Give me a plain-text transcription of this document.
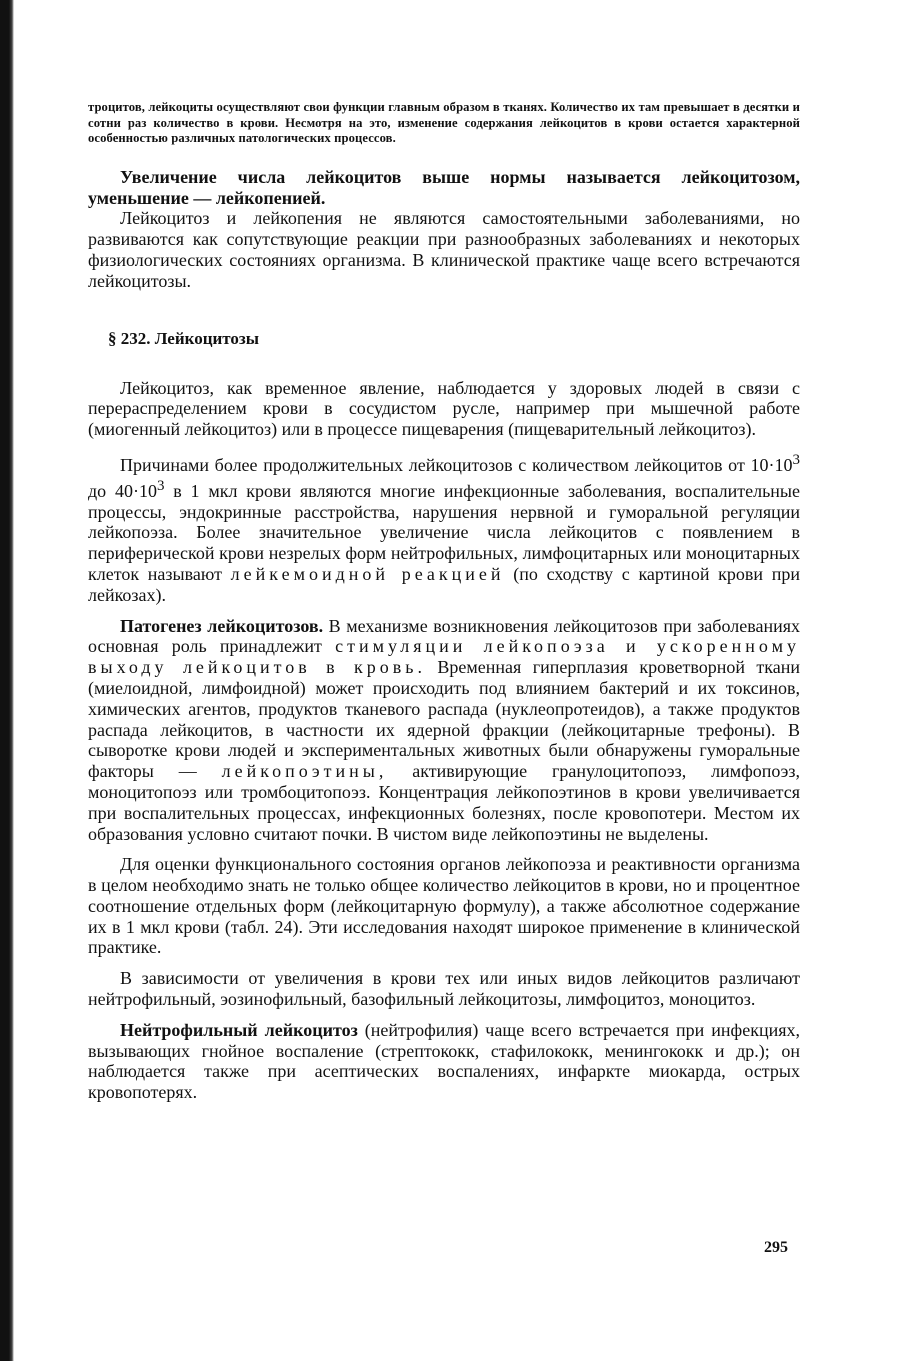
троцитов, лейкоциты осуществляют свои функции главным образом в тканях. Количество их там превышает в десятки и сотни раз количество в крови. Несмотря на это, изменение содержания лейкоцитов в крови остается характерной особенностью различных патологических процессов.

Увеличение числа лейкоцитов выше нормы называется лейкоцитозом, уменьшение — лейкопенией.

Лейкоцитоз и лейкопения не являются самостоятельными заболеваниями, но развиваются как сопутствующие реакции при разнообразных заболеваниях и некоторых физиологических состояниях организма. В клинической практике чаще всего встречаются лейкоцитозы.

§ 232. Лейкоцитозы

Лейкоцитоз, как временное явление, наблюдается у здоровых людей в связи с перераспределением крови в сосудистом русле, например при мышечной работе (миогенный лейкоцитоз) или в процессе пищеварения (пищеварительный лейкоцитоз).

Причинами более продолжительных лейкоцитозов с количеством лейкоцитов от $10\cdot 10^3$ до $40\cdot 10^3$ в 1 мкл крови являются многие инфекционные заболевания, воспалительные процессы, эндокринные расстройства, нарушения нервной и гуморальной регуляции лейкопоэза. Более значительное увеличение числа лейкоцитов с появлением в периферической крови незрелых форм нейтрофильных, лимфоцитарных или моноцитарных клеток называют лейкемоидной реакцией (по сходству с картиной крови при лейкозах).

Патогенез лейкоцитозов. В механизме возникновения лейкоцитозов при заболеваниях основная роль принадлежит стимуляции лейкопоэза и ускоренному выходу лейкоцитов в кровь. Временная гиперплазия кроветворной ткани (миелоидной, лимфоидной) может происходить под влиянием бактерий и их токсинов, химических агентов, продуктов тканевого распада (нуклеопротеидов), а также продуктов распада лейкоцитов, в частности их ядерной фракции (лейкоцитарные трефоны). В сыворотке крови людей и экспериментальных животных были обнаружены гуморальные факторы — лейкопоэтины, активирующие гранулоцитопоэз, лимфопоэз, моноцитопоэз или тромбоцитопоэз. Концентрация лейкопоэтинов в крови увеличивается при воспалительных процессах, инфекционных болезнях, после кровопотери. Местом их образования условно считают почки. В чистом виде лейкопоэтины не выделены.

Для оценки функционального состояния органов лейкопоэза и реактивности организма в целом необходимо знать не только общее количество лейкоцитов в крови, но и процентное соотношение отдельных форм (лейкоцитарную формулу), а также абсолютное содержание их в 1 мкл крови (табл. 24). Эти исследования находят широкое применение в клинической практике.

В зависимости от увеличения в крови тех или иных видов лейкоцитов различают нейтрофильный, эозинофильный, базофильный лейкоцитозы, лимфоцитоз, моноцитоз.

Нейтрофильный лейкоцитоз (нейтрофилия) чаще всего встречается при инфекциях, вызывающих гнойное воспаление (стрептококк, стафилококк, менингококк и др.); он наблюдается также при асептических воспалениях, инфаркте миокарда, острых кровопотерях.

295
